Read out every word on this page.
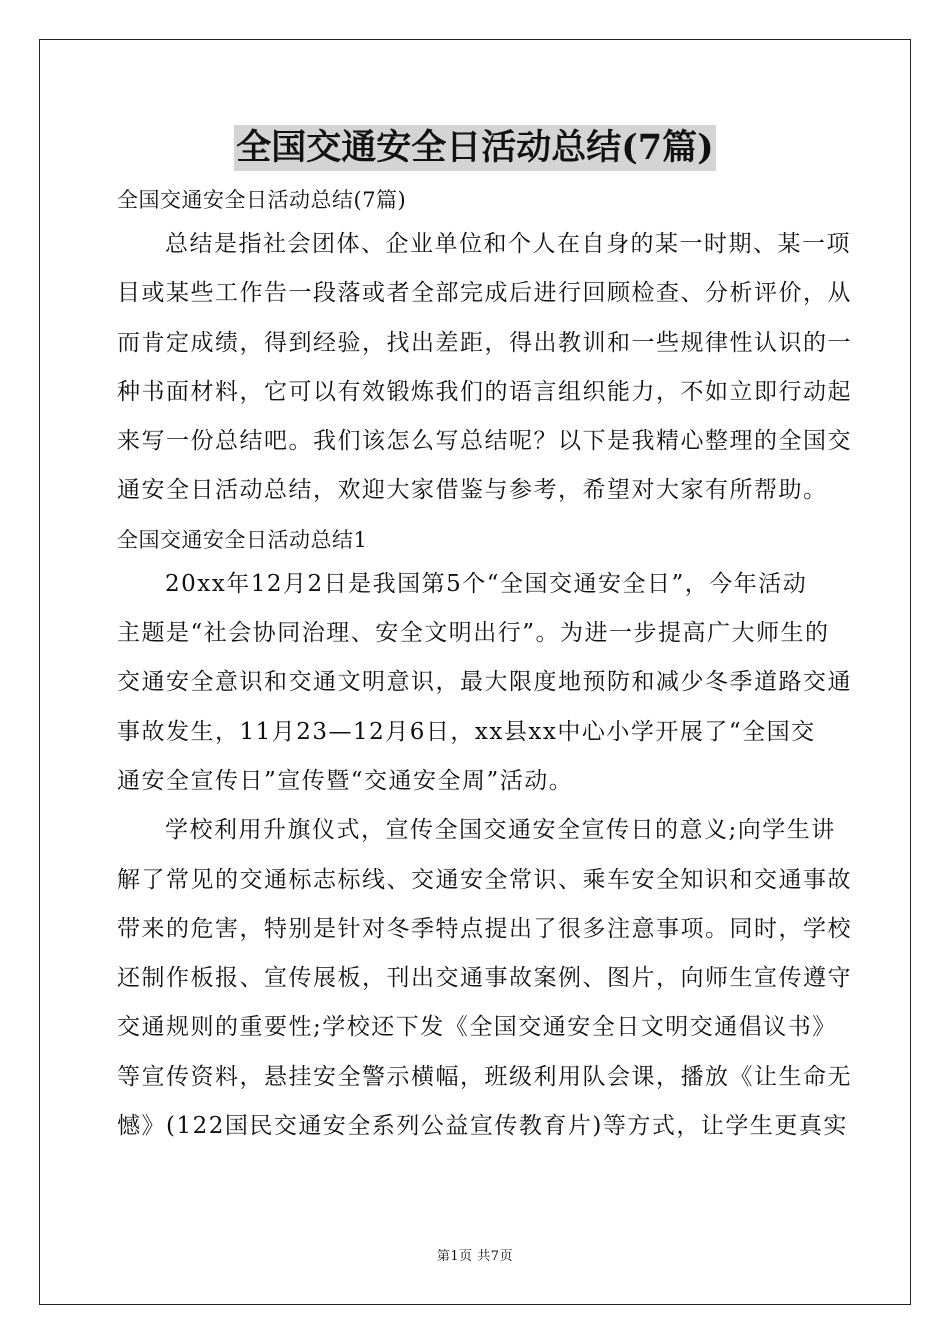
全国交通安全日活动总结(7篇)
全国交通安全日活动总结(7篇)
总结是指社会团体、企业单位和个人在自身的某一时期、某一项
目或某些工作告一段落或者全部完成后进行回顾检查、分析评价，从
而肯定成绩，得到经验，找出差距，得出教训和一些规律性认识的一
种书面材料，它可以有效锻炼我们的语言组织能力，不如立即行动起
来写一份总结吧。我们该怎么写总结呢？以下是我精心整理的全国交
通安全日活动总结，欢迎大家借鉴与参考，希望对大家有所帮助。
全国交通安全日活动总结1
20xx年12月2日是我国第5个“全国交通安全日”，今年活动
主题是“社会协同治理、安全文明出行”。为进一步提高广大师生的
交通安全意识和交通文明意识，最大限度地预防和减少冬季道路交通
事故发生，11月23—12月6日，xx县xx中心小学开展了“全国交
通安全宣传日”宣传暨“交通安全周”活动。
学校利用升旗仪式，宣传全国交通安全宣传日的意义;向学生讲
解了常见的交通标志标线、交通安全常识、乘车安全知识和交通事故
带来的危害，特别是针对冬季特点提出了很多注意事项。同时，学校
还制作板报、宣传展板，刊出交通事故案例、图片，向师生宣传遵守
交通规则的重要性;学校还下发《全国交通安全日文明交通倡议书》
等宣传资料，悬挂安全警示横幅，班级利用队会课，播放《让生命无
憾》(122国民交通安全系列公益宣传教育片)等方式，让学生更真实
第1页 共7页
